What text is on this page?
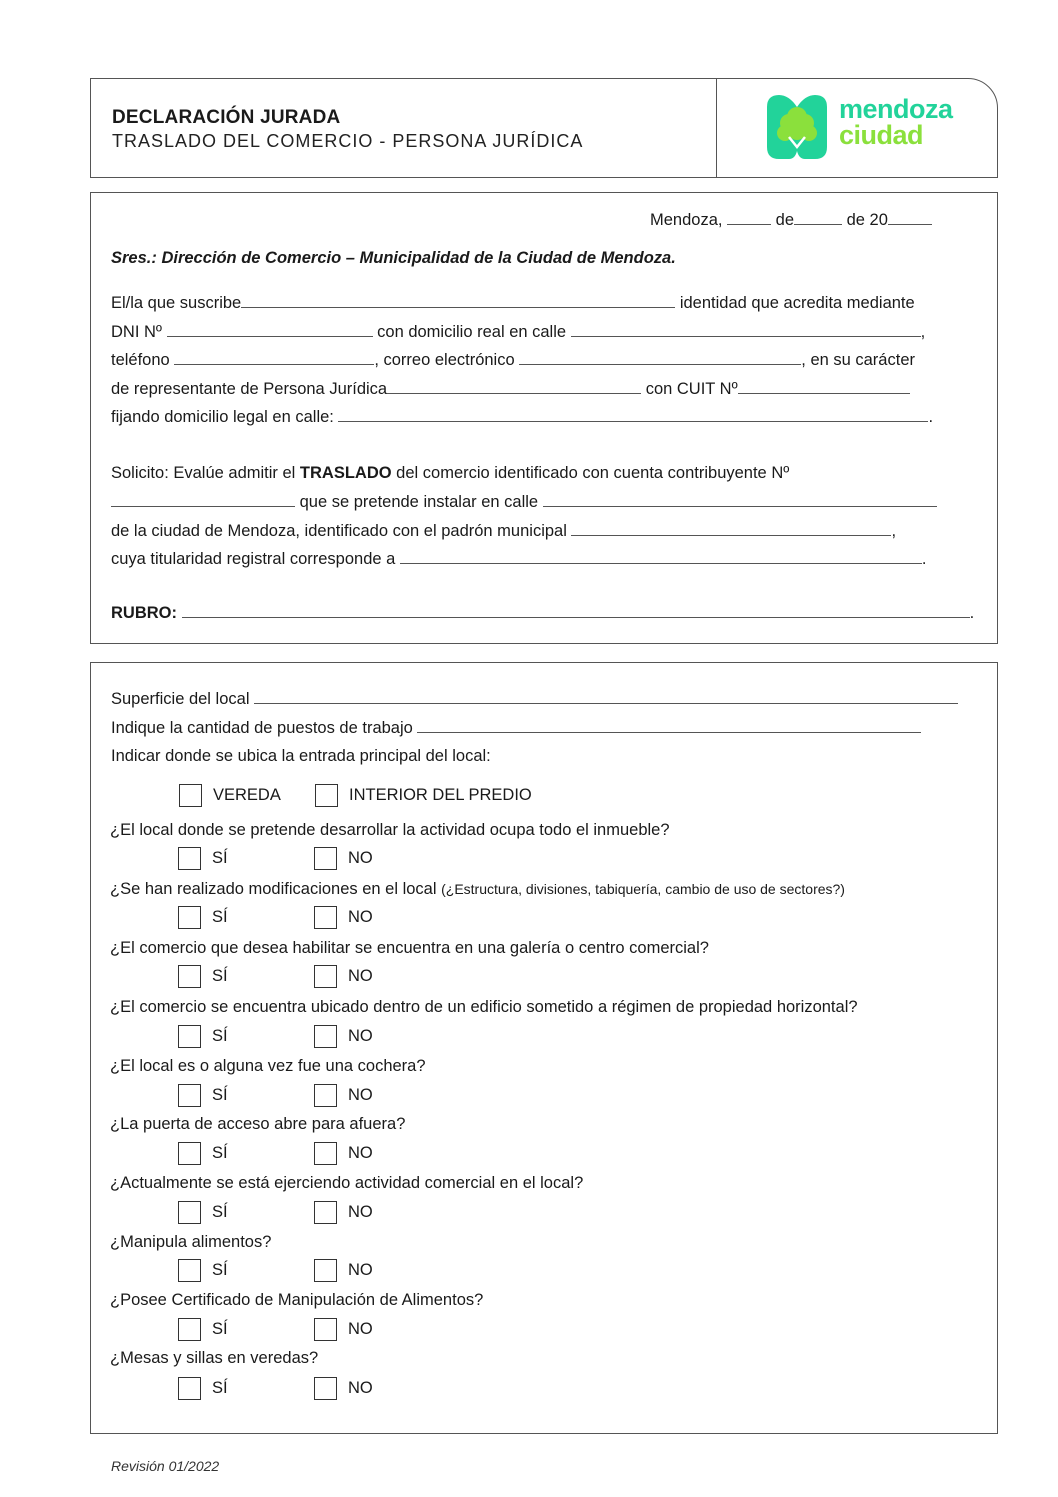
DECLARACIÓN JURADA
TRASLADO DEL COMERCIO - PERSONA JURÍDICA
mendoza
ciudad
Mendoza,	de	de 20
Sres.: Dirección de Comercio – Municipalidad de la Ciudad de Mendoza.
El/la que suscribe	identidad que acredita mediante
DNI Nº	con domicilio real en calle	,
teléfono	, correo electrónico	, en su carácter
de representante de Persona Jurídica	con CUIT Nº
fijando domicilio legal en calle:	.
Solicito: Evalúe admitir el TRASLADO del comercio identificado con cuenta contribuyente Nº
que se pretende instalar en calle
de la ciudad de Mendoza, identificado con el padrón municipal	,
cuya titularidad registral corresponde a	.
RUBRO:	.
Superficie del local
Indique la cantidad de puestos de trabajo
Indicar donde se ubica la entrada principal del local:
VEREDA	INTERIOR DEL PREDIO
Revisión 01/2022
¿El local donde se pretende desarrollar la actividad ocupa todo el inmueble?
SÍ	NO
¿Se han realizado modificaciones en el local (¿Estructura, divisiones, tabiquería, cambio de uso de sectores?)
SÍ	NO
¿El comercio que desea habilitar se encuentra en una galería o centro comercial?
SÍ	NO
¿El comercio se encuentra ubicado dentro de un edificio sometido a régimen de propiedad horizontal?
SÍ	NO
¿El local es o alguna vez fue una cochera?
SÍ	NO
¿La puerta de acceso abre para afuera?
SÍ	NO
¿Actualmente se está ejerciendo actividad comercial en el local?
SÍ	NO
¿Manipula alimentos?
SÍ	NO
¿Posee Certificado de Manipulación de Alimentos?
SÍ	NO
¿Mesas y sillas en veredas?
SÍ	NO
